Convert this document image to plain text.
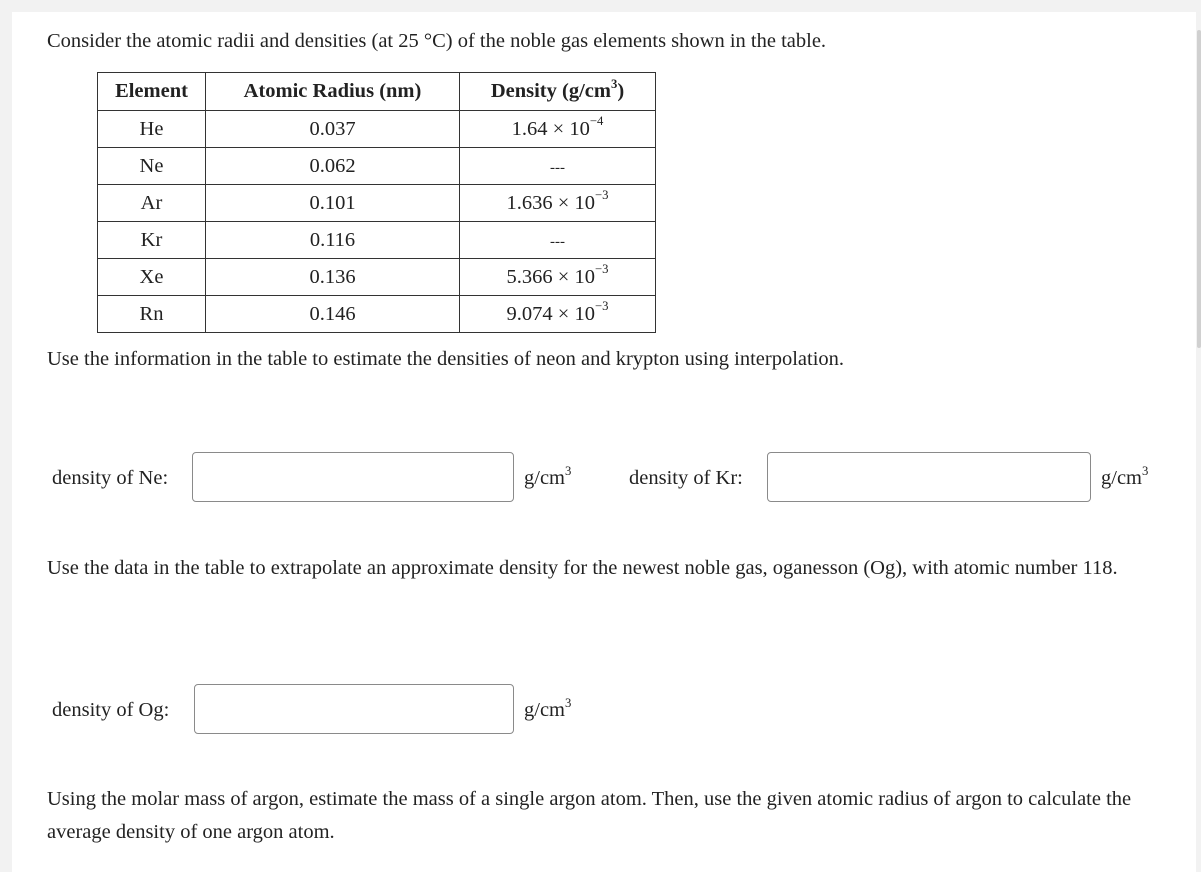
Consider the atomic radii and densities (at 25 °C) of the noble gas elements shown in the table.
Element	Atomic Radius (nm)	Density $(g/cm^3)$
He	0.037	$1.64 \times 10^{-4}$
Ne	0.062	---
Ar	0.101	$1.636 \times 10^{-3}$
Kr	0.116	---
Xe	0.136	$5.366 \times 10^{-3}$
Rn	0.146	$9.074 \times 10^{-3}$
Use the information in the table to estimate the densities of neon and krypton using interpolation.
density of Ne:	$g/cm^3$	density of Kr:	$g/cm^3$
Use the data in the table to extrapolate an approximate density for the newest noble gas, oganesson (Og), with atomic number 118.
density of Og:	$g/cm^3$
Using the molar mass of argon, estimate the mass of a single argon atom. Then, use the given atomic radius of argon to calculate the average density of one argon atom.
